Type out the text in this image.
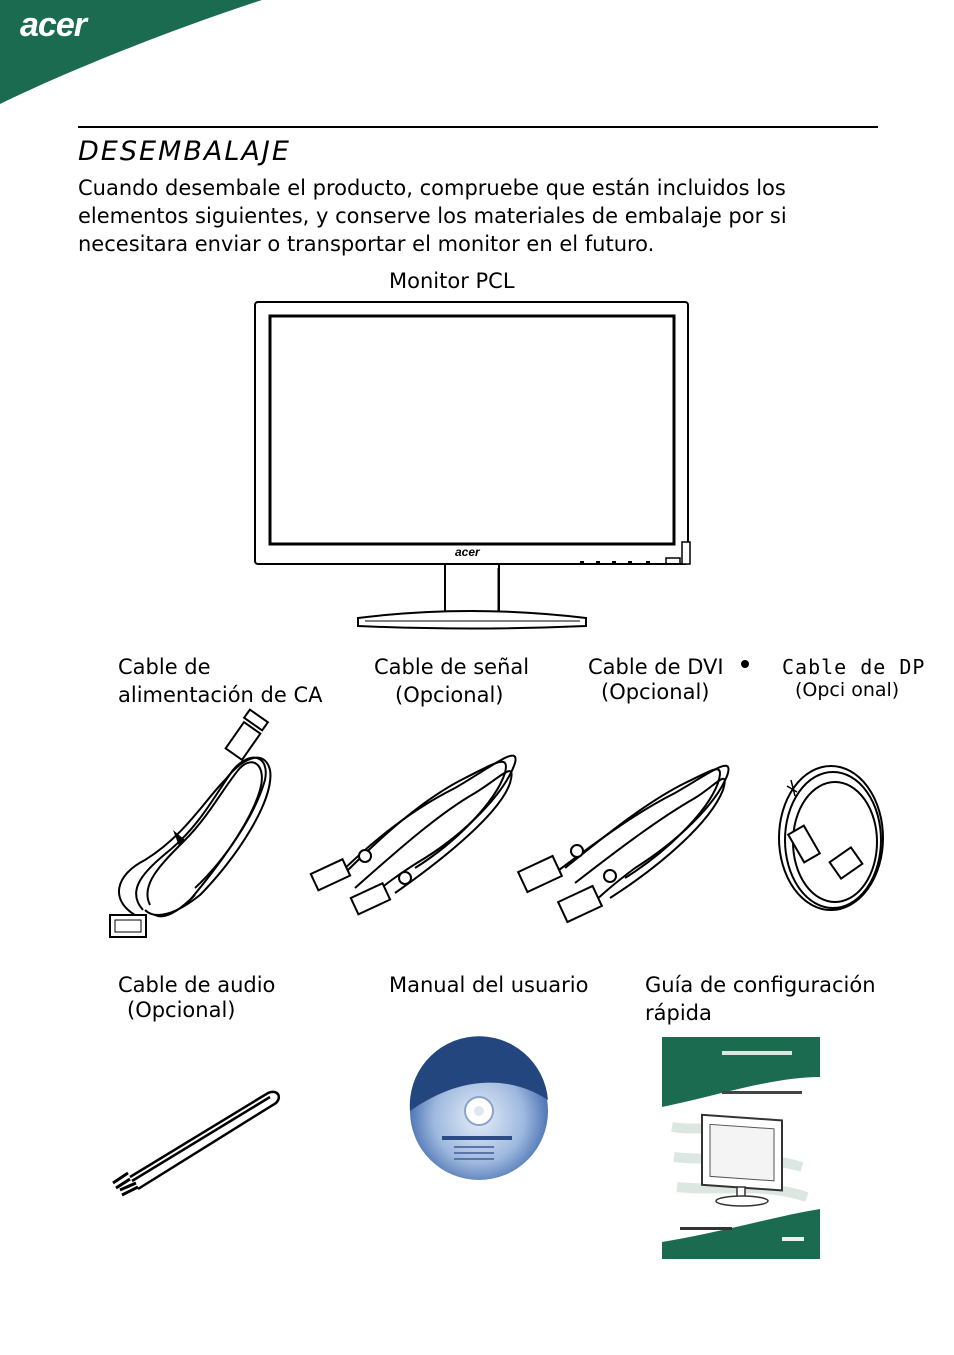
acer
DESEMBALAJE

Cuando desembale el producto, compruebe que están incluidos los

elementos siguientes, y conserve los materiales de embalaje por si

necesitara enviar o transportar el monitor en el futuro.

Monitor PCL
acer
Cable de
alimentación de CA
Cable de señal
(Opcional)
Cable de DVI
(Opcional)
Cable de DP
(Opci onal)
Cable de audio
(Opcional)
Manual del usuario	Guía de configuración
rápida
